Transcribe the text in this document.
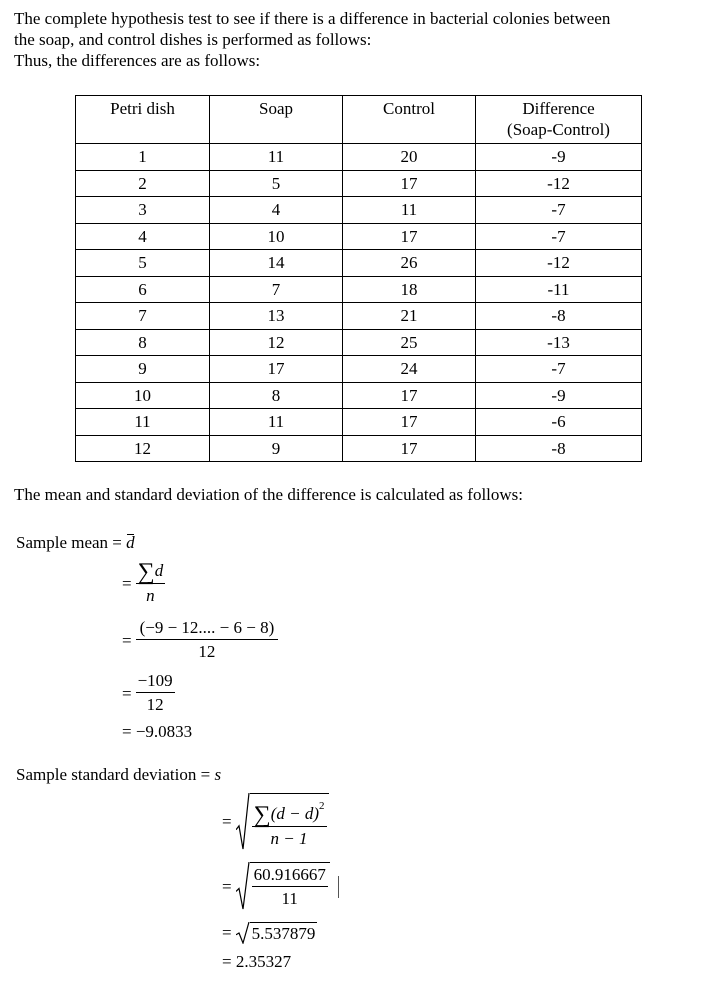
The complete hypothesis test to see if there is a difference in bacterial colonies between
the soap, and control dishes is performed as follows:
Thus, the differences are as follows:
Petri dish	Soap	Control	Difference
(Soap-Control)

1	11	20	-9
2	5	17	-12
3	4	11	-7
4	10	17	-7
5	14	26	-12
6	7	18	-11
7	13	21	-8
8	12	25	-13
9	17	24	-7
10	8	17	-9
11	11	17	-6
12	9	17	-8
The mean and standard deviation of the difference is calculated as follows:
Sample mean = d
= $\frac{\sum d}{n}$
= $\frac{(-9 - 12.... - 6 - 8)}{12}$
= $\frac{-109}{12}$
= −9.0833
Sample standard deviation = s
= $\frac{\sum(d - d)^2}{n - 1}$
= $\frac{60.916667}{11}$
= 5.537879
= 2.35327
